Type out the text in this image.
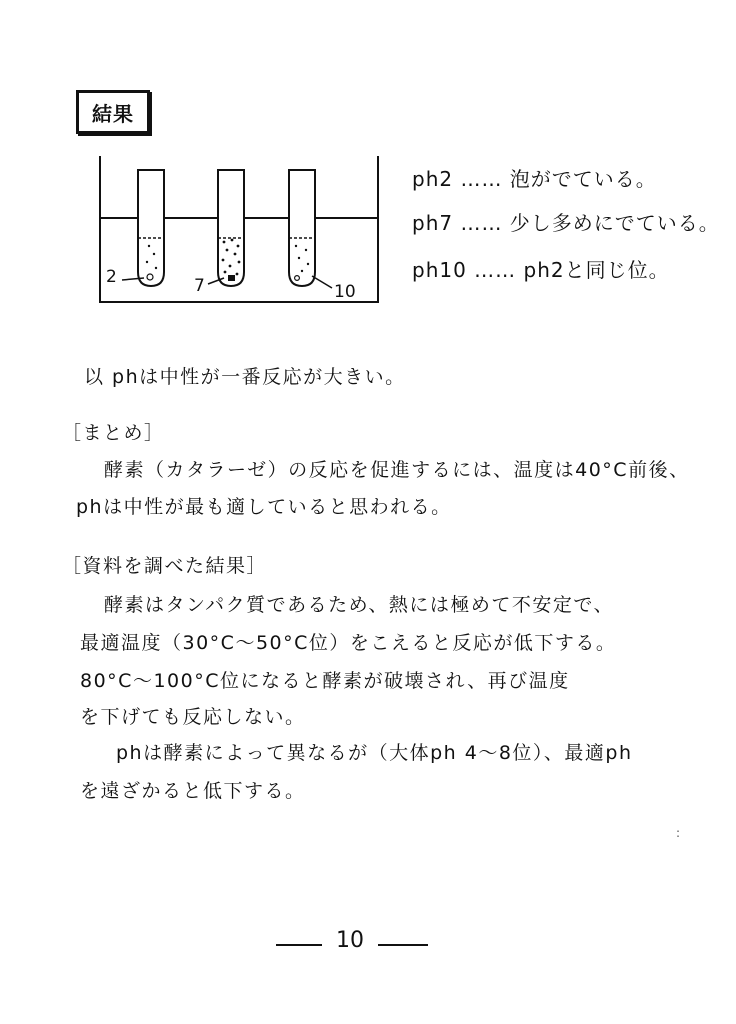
結果
2	7	10
ph2 …… 泡がでている。
ph7 …… 少し多めにでている。
ph10 …… ph2と同じ位。
以 phは中性が一番反応が大きい。
［まとめ］
酵素（カタラーゼ）の反応を促進するには、温度は40°C前後、
phは中性が最も適していると思われる。
［資料を調べた結果］
酵素はタンパク質であるため、熱には極めて不安定で、
最適温度（30°C〜50°C位）をこえると反応が低下する。
80°C〜100°C位になると酵素が破壊され、再び温度
を下げても反応しない。
phは酵素によって異なるが（大体ph 4〜8位）、最適ph
を遠ざかると低下する。
:
10
